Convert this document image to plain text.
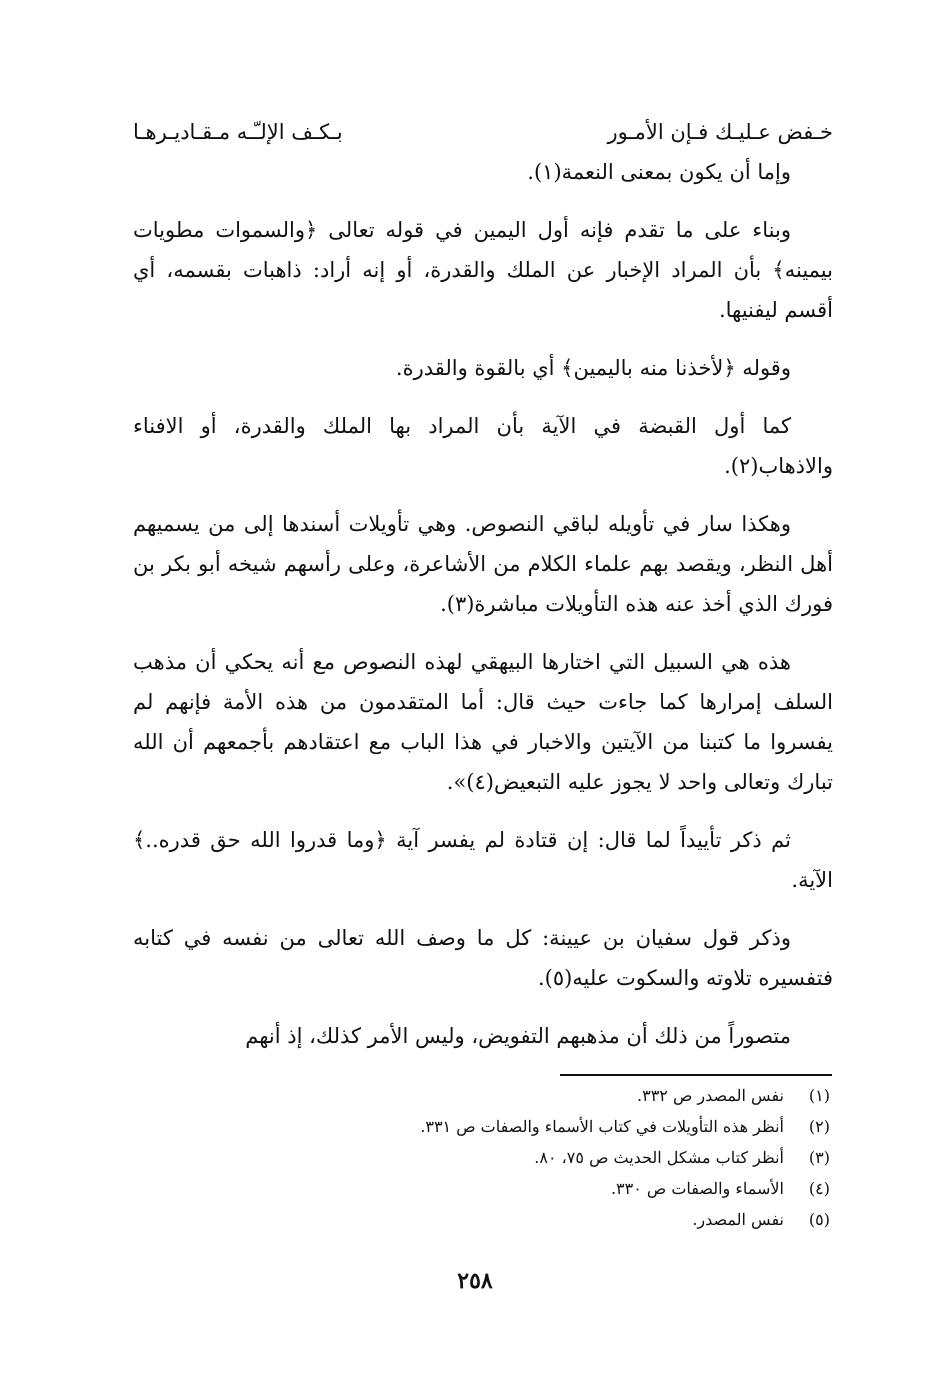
خـفض عـليـك فـإن الأمـور
بـكـف الإلـّـه مـقـاديـرهـا

وإما أن يكون بمعنى النعمة(١).

وبناء على ما تقدم فإنه أول اليمين في قوله تعالى ﴿والسموات مطويات بيمينه﴾ بأن المراد الإخبار عن الملك والقدرة، أو إنه أراد: ذاهبات بقسمه، أي أقسم ليفنيها.

وقوله ﴿لأخذنا منه باليمين﴾ أي بالقوة والقدرة.

كما أول القبضة في الآية بأن المراد بها الملك والقدرة، أو الافناء والاذهاب(٢).

وهكذا سار في تأويله لباقي النصوص. وهي تأويلات أسندها إلى من يسميهم أهل النظر، ويقصد بهم علماء الكلام من الأشاعرة، وعلى رأسهم شيخه أبو بكر بن فورك الذي أخذ عنه هذه التأويلات مباشرة(٣).

هذه هي السبيل التي اختارها البيهقي لهذه النصوص مع أنه يحكي أن مذهب السلف إمرارها كما جاءت حيث قال: أما المتقدمون من هذه الأمة فإنهم لم يفسروا ما كتبنا من الآيتين والاخبار في هذا الباب مع اعتقادهم بأجمعهم أن الله تبارك وتعالى واحد لا يجوز عليه التبعيض(٤)».

ثم ذكر تأييداً لما قال: إن قتادة لم يفسر آية ﴿وما قدروا الله حق قدره..﴾ الآية.

وذكر قول سفيان بن عيينة: كل ما وصف الله تعالى من نفسه في كتابه فتفسيره تلاوته والسكوت عليه(٥).

متصوراً من ذلك أن مذهبهم التفويض، وليس الأمر كذلك، إذ أنهم

(١)
نفس المصدر ص ٣٣٢.
(٢)
أنظر هذه التأويلات في كتاب الأسماء والصفات ص ٣٣١.
(٣)
أنظر كتاب مشكل الحديث ص ٧٥، ٨٠.
(٤)
الأسماء والصفات ص ٣٣٠.
(٥)
نفس المصدر.
٢٥٨
